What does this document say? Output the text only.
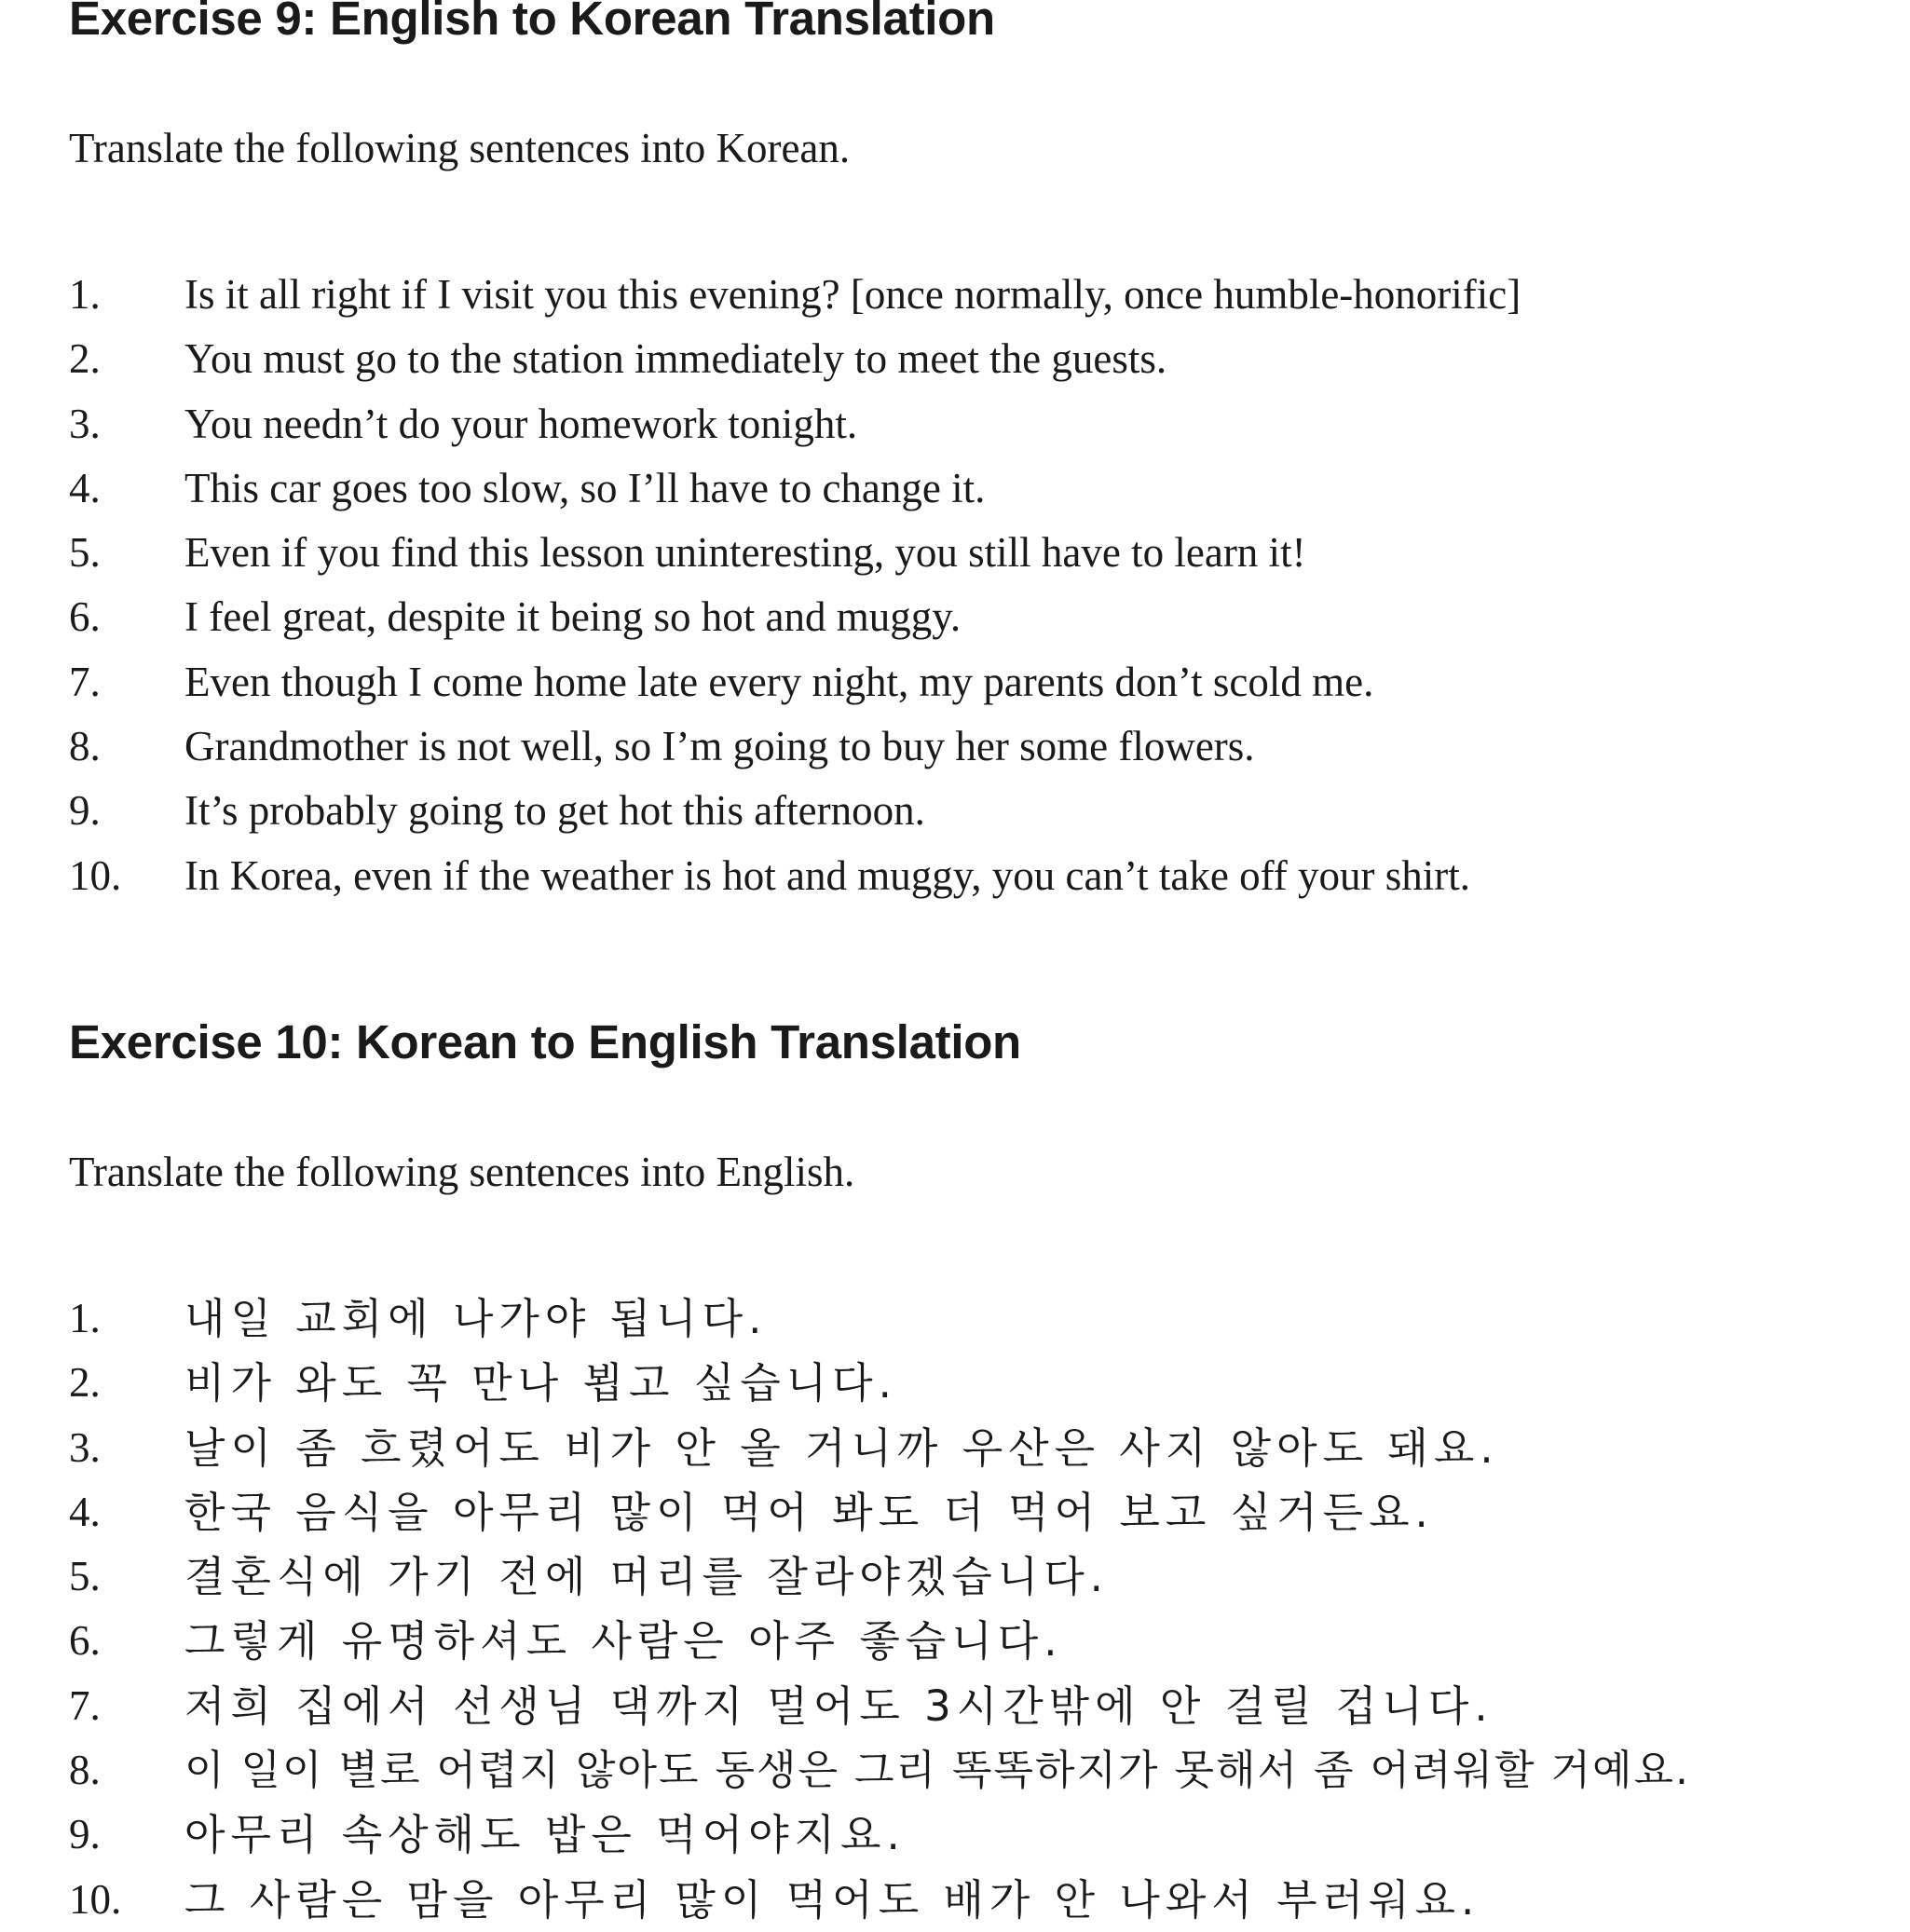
Exercise 9: English to Korean Translation

Translate the following sentences into Korean.

1.	Is it all right if I visit you this evening? [once normally, once humble-honorific]
2.	You must go to the station immediately to meet the guests.
3.	You needn’t do your homework tonight.
4.	This car goes too slow, so I’ll have to change it.
5.	Even if you find this lesson uninteresting, you still have to learn it!
6.	I feel great, despite it being so hot and muggy.
7.	Even though I come home late every night, my parents don’t scold me.
8.	Grandmother is not well, so I’m going to buy her some flowers.
9.	It’s probably going to get hot this afternoon.
10.	In Korea, even if the weather is hot and muggy, you can’t take off your shirt.
Exercise 10: Korean to English Translation

Translate the following sentences into English.

1.	내일 교회에 나가야 됩니다.
2.	비가 와도 꼭 만나 뵙고 싶습니다.
3.	날이 좀 흐렸어도 비가 안 올 거니까 우산은 사지 않아도 돼요.
4.	한국 음식을 아무리 많이 먹어 봐도 더 먹어 보고 싶거든요.
5.	결혼식에 가기 전에 머리를 잘라야겠습니다.
6.	그렇게 유명하셔도 사람은 아주 좋습니다.
7.	저희 집에서 선생님 댁까지 멀어도 3시간밖에 안 걸릴 겁니다.
8.	이 일이 별로 어렵지 않아도 동생은 그리 똑똑하지가 못해서 좀 어려워할 거예요.
9.	아무리 속상해도 밥은 먹어야지요.
10.	그 사람은 맘을 아무리 많이 먹어도 배가 안 나와서 부러워요.
